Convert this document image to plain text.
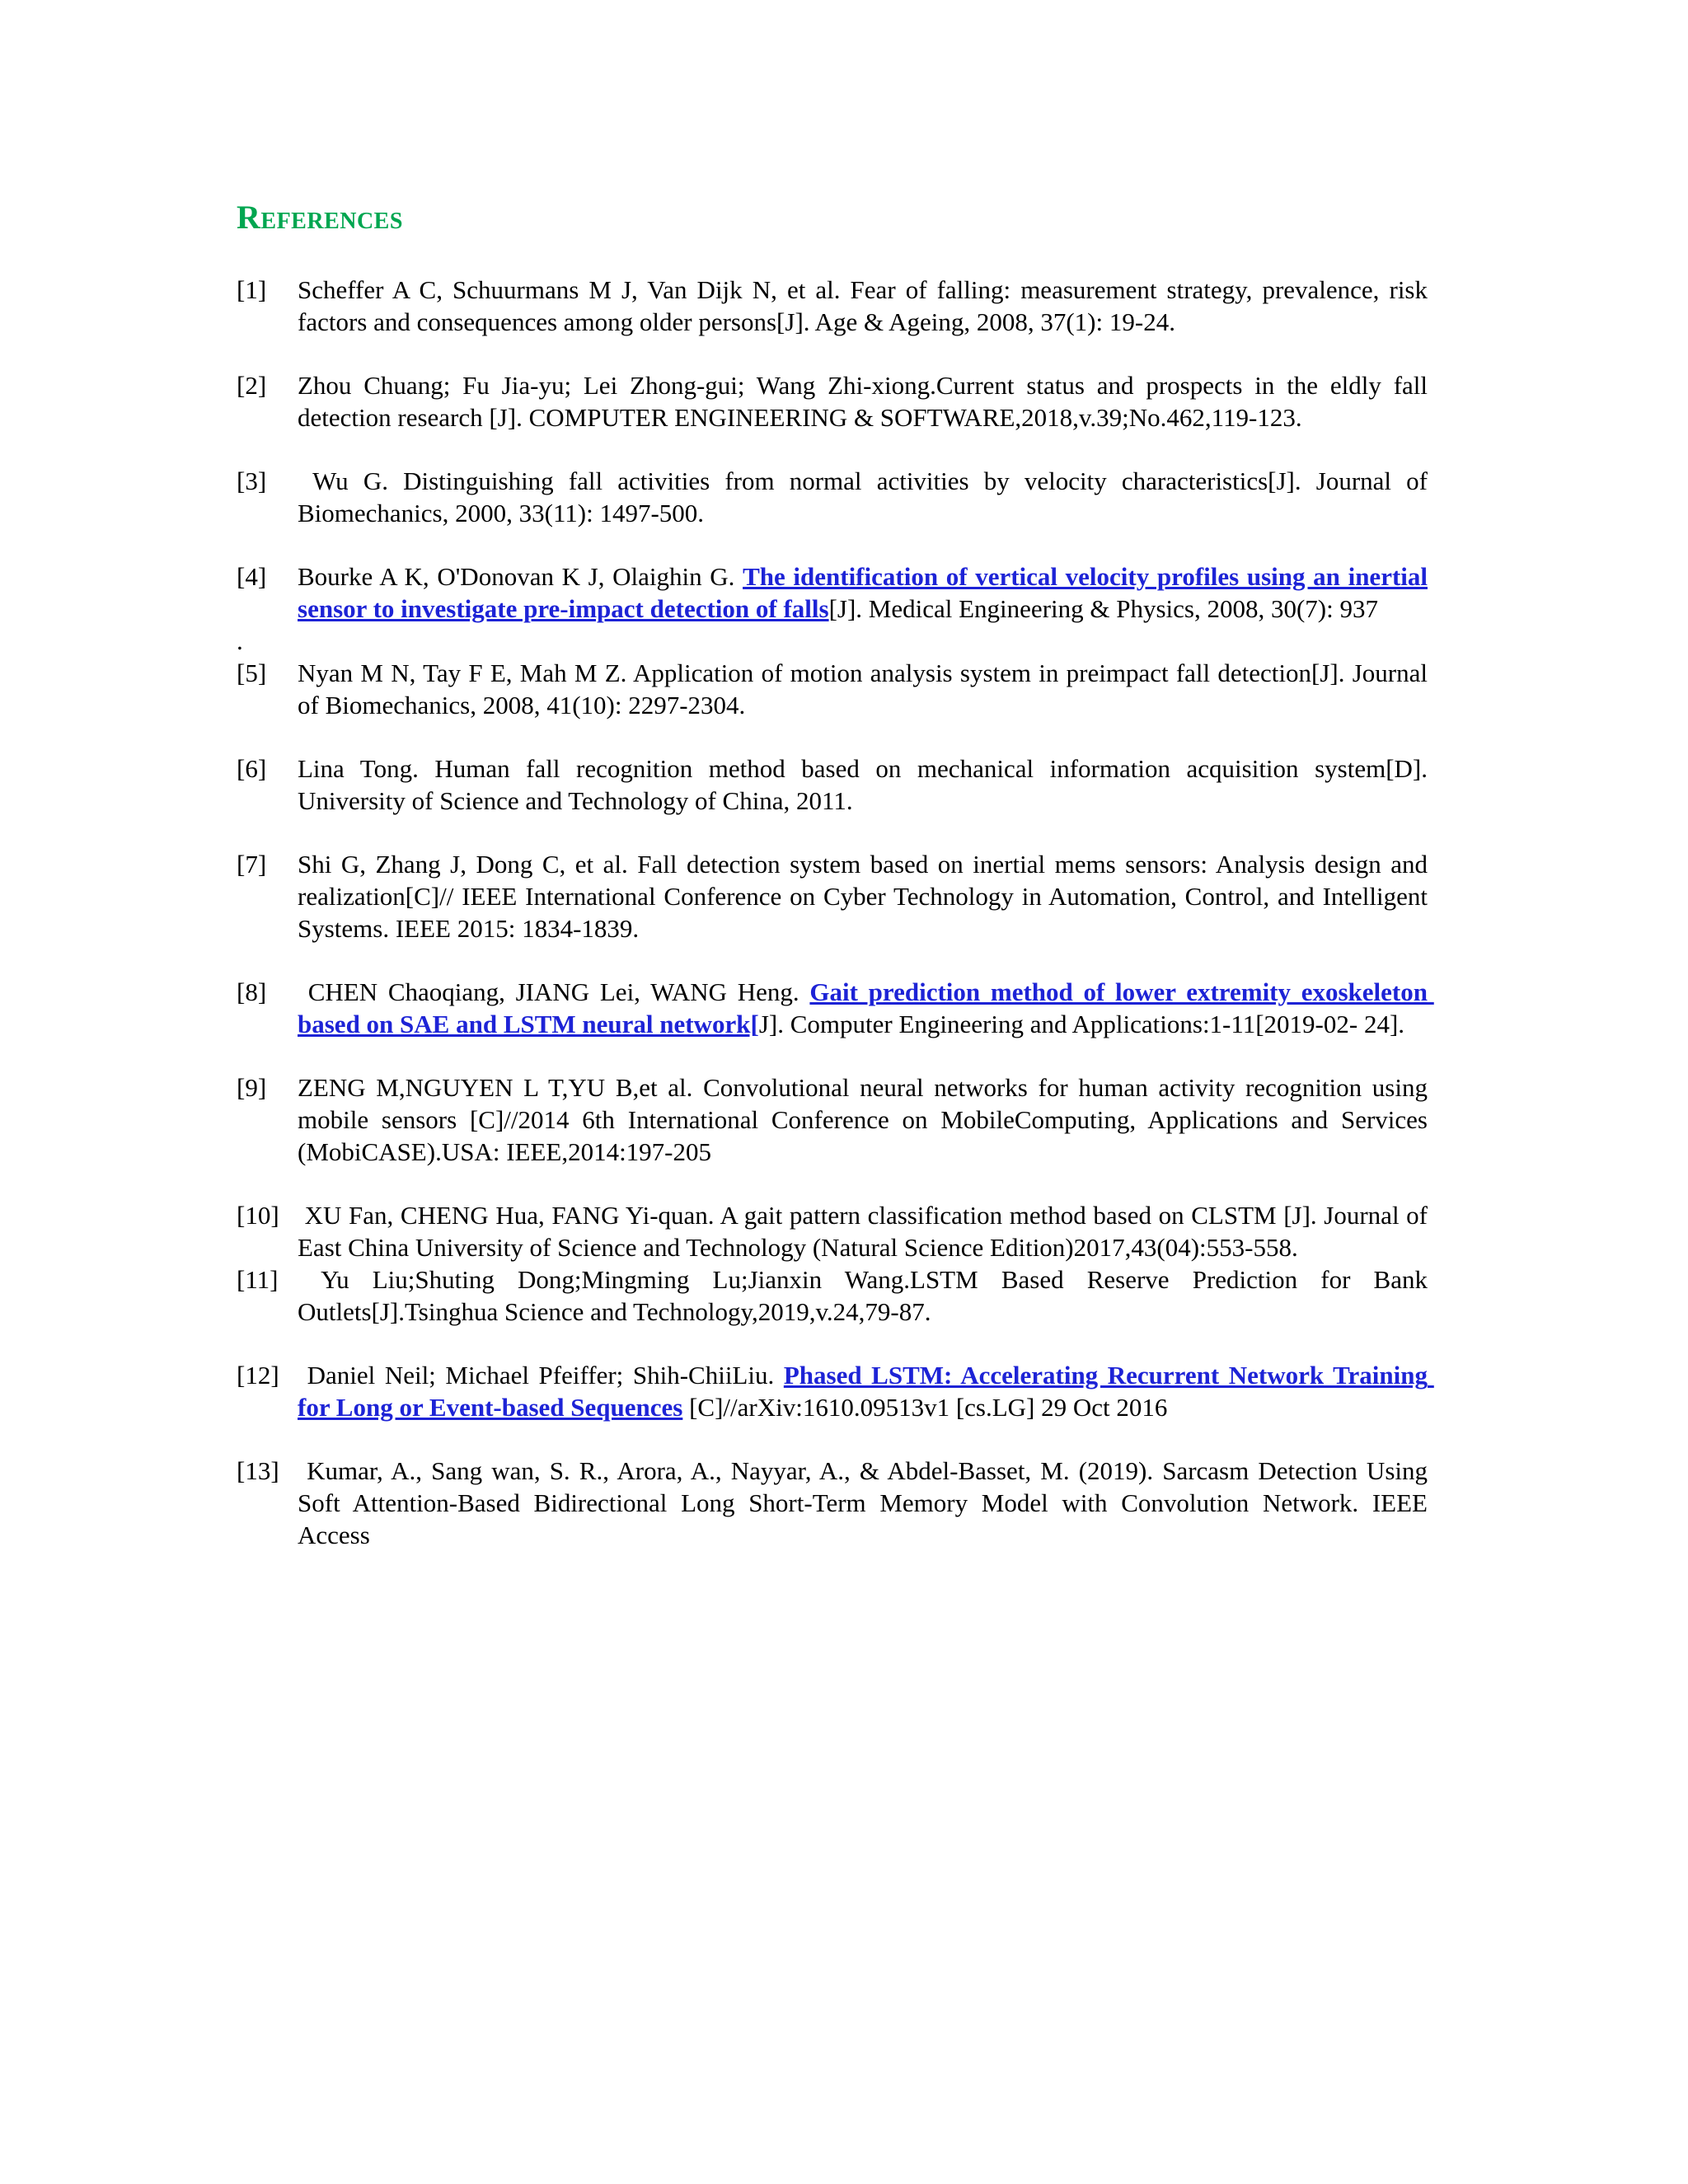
References
[1] Scheffer A C, Schuurmans M J, Van Dijk N, et al. Fear of falling: measurement strategy, prevalence, risk factors and consequences among older persons[J]. Age & Ageing, 2008, 37(1): 19-24.
[2] Zhou Chuang; Fu Jia-yu; Lei Zhong-gui; Wang Zhi-xiong.Current status and prospects in the eldly fall detection research [J]. COMPUTER ENGINEERING & SOFTWARE,2018,v.39;No.462,119-123.
[3] Wu G. Distinguishing fall activities from normal activities by velocity characteristics[J]. Journal of Biomechanics, 2000, 33(11): 1497-500.
[4] Bourke A K, O'Donovan K J, Olaighin G. The identification of vertical velocity profiles using an inertial sensor to investigate pre-impact detection of falls[J]. Medical Engineering & Physics, 2008, 30(7): 937
.
[5] Nyan M N, Tay F E, Mah M Z. Application of motion analysis system in preimpact fall detection[J]. Journal of Biomechanics, 2008, 41(10): 2297-2304.
[6] Lina Tong. Human fall recognition method based on mechanical information acquisition system[D]. University of Science and Technology of China, 2011.
[7] Shi G, Zhang J, Dong C, et al. Fall detection system based on inertial mems sensors: Analysis design and realization[C]// IEEE International Conference on Cyber Technology in Automation, Control, and Intelligent Systems. IEEE 2015: 1834-1839.
[8] CHEN Chaoqiang, JIANG Lei, WANG Heng. Gait prediction method of lower extremity exoskeleton based on SAE and LSTM neural network[J]. Computer Engineering and Applications:1-11[2019-02- 24].
[9] ZENG M,NGUYEN L T,YU B,et al. Convolutional neural networks for human activity recognition using mobile sensors [C]//2014 6th International Conference on MobileComputing, Applications and Services (MobiCASE).USA: IEEE,2014:197-205
[10] XU Fan, CHENG Hua, FANG Yi-quan. A gait pattern classification method based on CLSTM [J]. Journal of East China University of Science and Technology (Natural Science Edition)2017,43(04):553-558.
[11] Yu Liu;Shuting Dong;Mingming Lu;Jianxin Wang.LSTM Based Reserve Prediction for Bank Outlets[J].Tsinghua Science and Technology,2019,v.24,79-87.
[12] Daniel Neil; Michael Pfeiffer; Shih-ChiiLiu. Phased LSTM: Accelerating Recurrent Network Training for Long or Event-based Sequences [C]//arXiv:1610.09513v1 [cs.LG] 29 Oct 2016
[13] Kumar, A., Sang wan, S. R., Arora, A., Nayyar, A., & Abdel-Basset, M. (2019). Sarcasm Detection Using Soft Attention-Based Bidirectional Long Short-Term Memory Model with Convolution Network. IEEE Access
